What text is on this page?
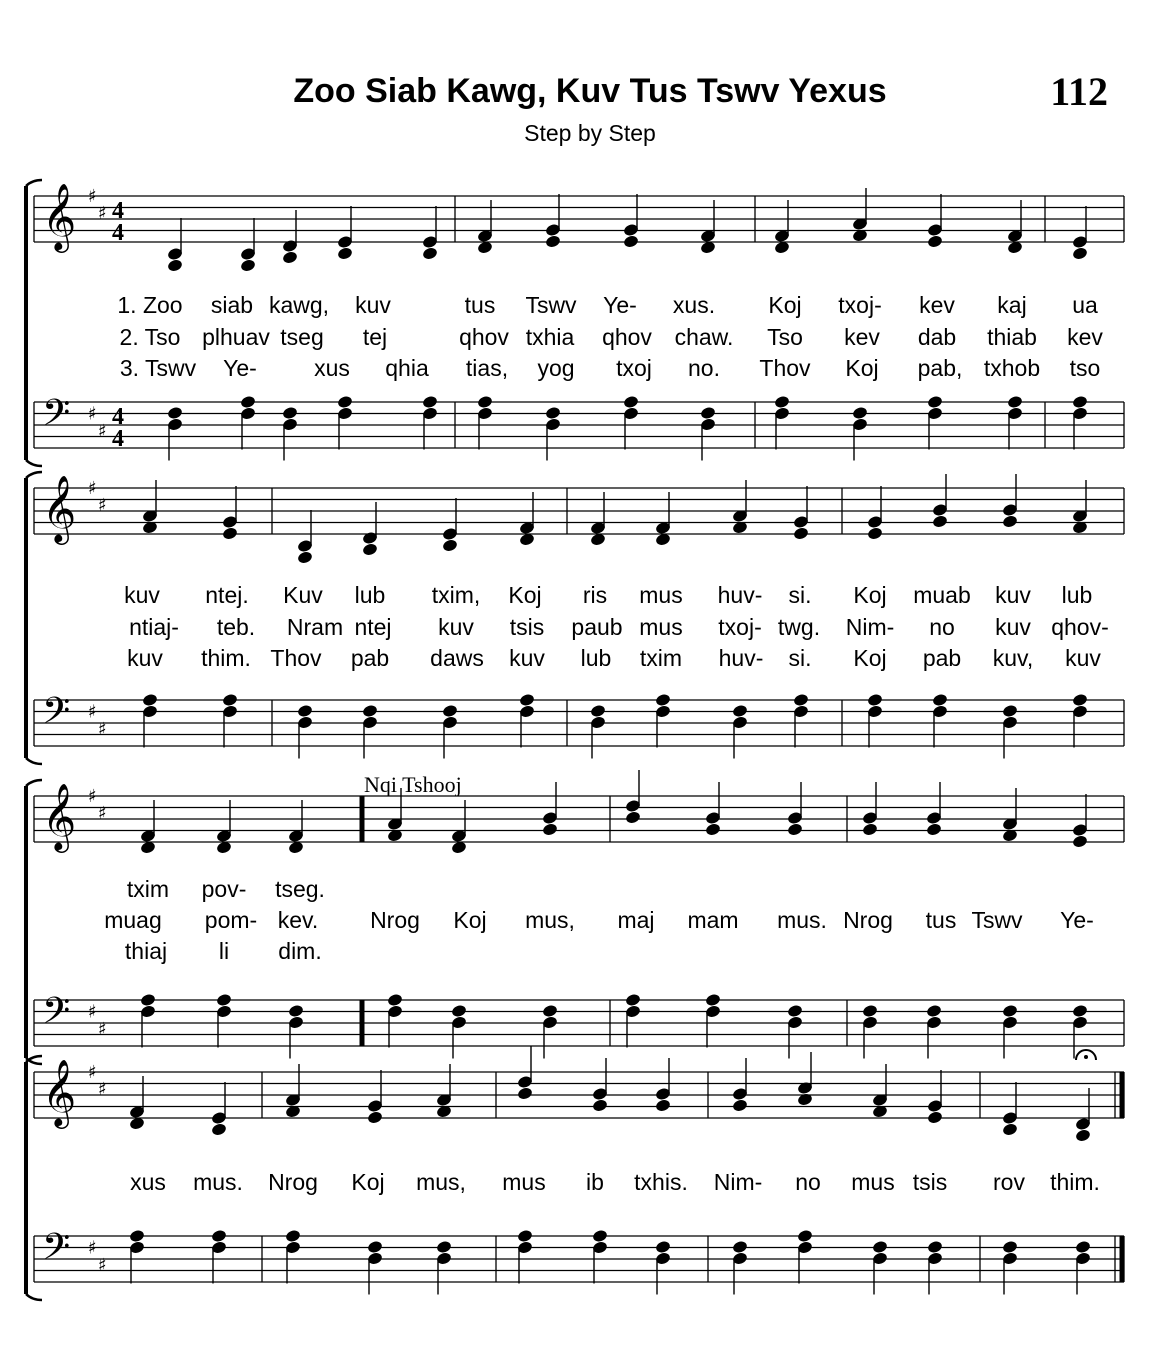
Zoo Siab Kawg, Kuv Tus Tswv Yexus
Step by Step
112
Nqi Tshooj
𝄞 ♯
♯
𝄢 ♯
♯
𝄞 ♯
♯
𝄢 ♯
♯
𝄞 ♯
♯
𝄢 ♯
♯
𝄞 ♯
♯
𝄢 ♯
♯
4
4
4
4
1. Zoo siab kawg, kuv	tus Tswv Ye- xus. Koj txoj- kev kaj ua
2. Tso plhuav tseg tej	qhov txhia qhov chaw. Tso kev dab thiab kev
3. Tswv Ye- xus qhia tias, yog txoj no. Thov Koj pab, txhob tso
kuv ntej. Kuv lub txim, Koj ris mus huv- si. Koj muab kuv lub
ntiaj- teb. Nram ntej kuv tsis paub mus txoj- twg. Nim- no kuv qhov-
kuv thim. Thov pab daws kuv lub txim huv- si. Koj pab kuv, kuv
txim pov- tseg.
muag pom- kev. Nrog Koj mus, maj mam mus. Nrog tus Tswv Ye-
thiaj li dim.
xus mus. Nrog Koj mus, mus ib txhis. Nim- no mus tsis rov thim.
